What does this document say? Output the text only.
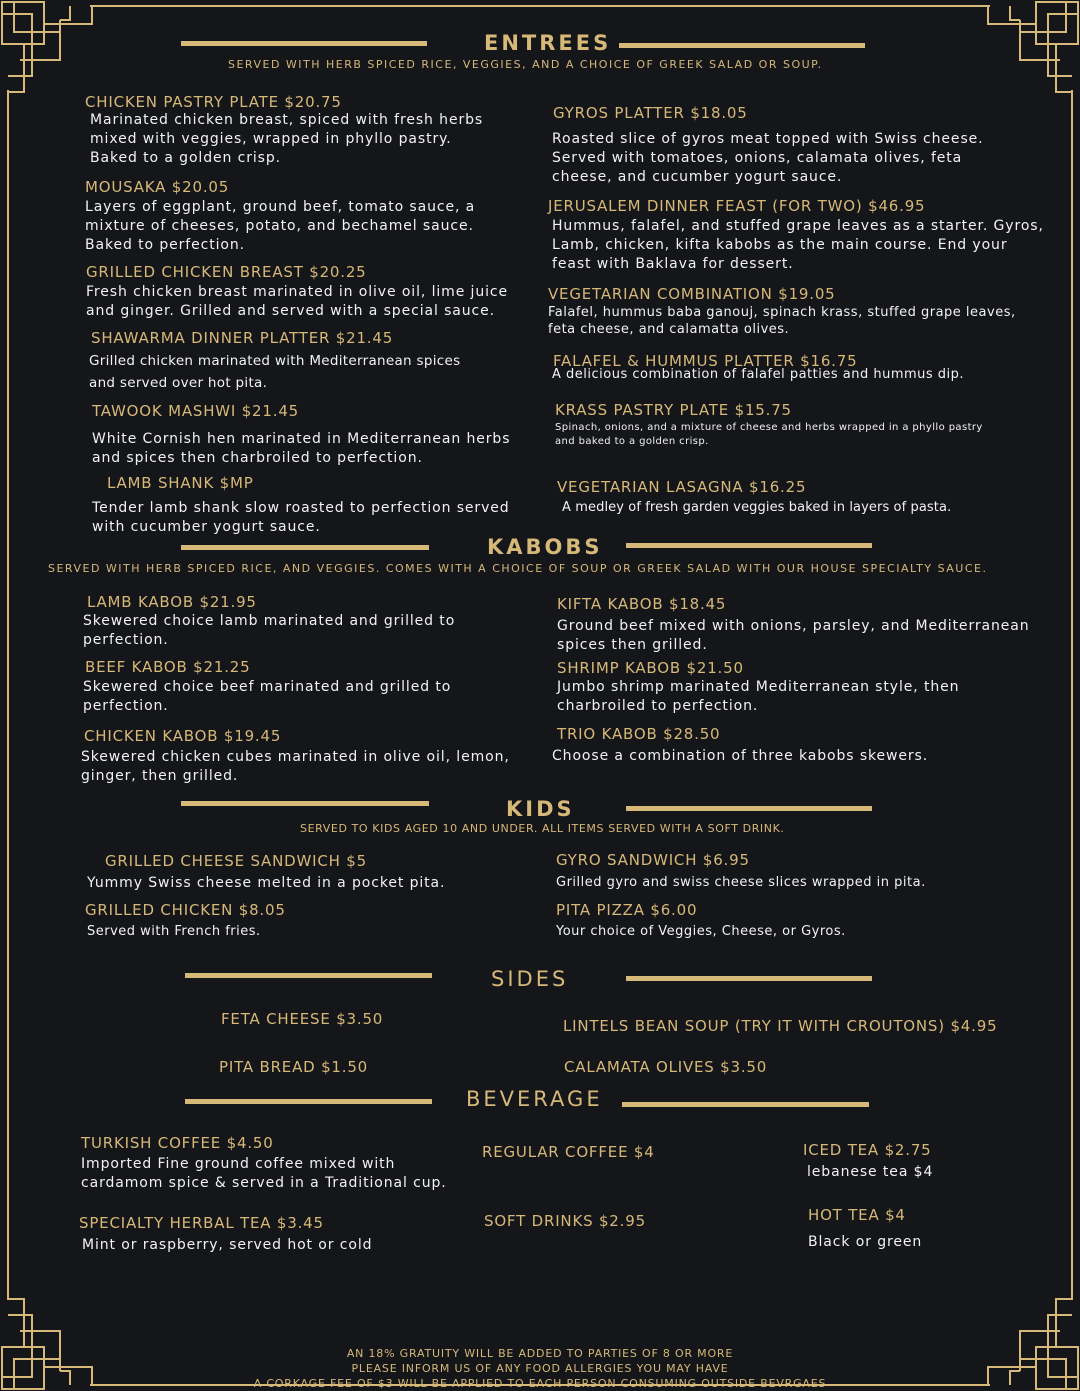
ENTREES
SERVED WITH HERB SPICED RICE, VEGGIES, AND A CHOICE OF GREEK SALAD OR SOUP.
CHICKEN PASTRY PLATE $20.75
Marinated chicken breast, spiced with fresh herbs mixed with veggies, wrapped in phyllo pastry. Baked to a golden crisp.
MOUSAKA $20.05
Layers of eggplant, ground beef, tomato sauce, a mixture of cheeses, potato, and bechamel sauce. Baked to perfection.
GRILLED CHICKEN BREAST $20.25
Fresh chicken breast marinated in olive oil, lime juice and ginger. Grilled and served with a special sauce.
SHAWARMA DINNER PLATTER $21.45
Grilled chicken marinated with Mediterranean spices and served over hot pita.
TAWOOK MASHWI $21.45
White Cornish hen marinated in Mediterranean herbs and spices then charbroiled to perfection.
LAMB SHANK $MP
Tender lamb shank slow roasted to perfection served with cucumber yogurt sauce.
GYROS PLATTER $18.05
Roasted slice of gyros meat topped with Swiss cheese. Served with tomatoes, onions, calamata olives, feta cheese, and cucumber yogurt sauce.
JERUSALEM DINNER FEAST (FOR TWO) $46.95
Hummus, falafel, and stuffed grape leaves as a starter. Gyros, Lamb, chicken, kifta kabobs as the main course. End your feast with Baklava for dessert.
VEGETARIAN COMBINATION $19.05
Falafel, hummus baba ganouj, spinach krass, stuffed grape leaves, feta cheese, and calamatta olives.
FALAFEL & HUMMUS PLATTER $16.75
A delicious combination of falafel patties and hummus dip.
KRASS PASTRY PLATE $15.75
Spinach, onions, and a mixture of cheese and herbs wrapped in a phyllo pastry and baked to a golden crisp.
VEGETARIAN LASAGNA $16.25
A medley of fresh garden veggies baked in layers of pasta.
KABOBS
SERVED WITH HERB SPICED RICE, AND VEGGIES. COMES WITH A CHOICE OF SOUP OR GREEK SALAD WITH OUR HOUSE SPECIALTY SAUCE.
LAMB KABOB $21.95
Skewered choice lamb marinated and grilled to perfection.
BEEF KABOB $21.25
Skewered choice beef marinated and grilled to perfection.
CHICKEN KABOB $19.45
Skewered chicken cubes marinated in olive oil, lemon, ginger, then grilled.
KIFTA KABOB $18.45
Ground beef mixed with onions, parsley, and Mediterranean spices then grilled.
SHRIMP KABOB $21.50
Jumbo shrimp marinated Mediterranean style, then charbroiled to perfection.
TRIO KABOB $28.50
Choose a combination of three kabobs skewers.
KIDS
SERVED TO KIDS AGED 10 AND UNDER. ALL ITEMS SERVED WITH A SOFT DRINK.
GRILLED CHEESE SANDWICH $5
Yummy Swiss cheese melted in a pocket pita.
GRILLED CHICKEN $8.05
Served with French fries.
GYRO SANDWICH $6.95
Grilled gyro and swiss cheese slices wrapped in pita.
PITA PIZZA $6.00
Your choice of Veggies, Cheese, or Gyros.
SIDES
FETA CHEESE $3.50	LINTELS BEAN SOUP (TRY IT WITH CROUTONS) $4.95
PITA BREAD $1.50	CALAMATA OLIVES $3.50
BEVERAGE
TURKISH COFFEE $4.50
Imported Fine ground coffee mixed with cardamom spice & served in a Traditional cup.
REGULAR COFFEE $4	ICED TEA $2.75
lebanese tea $4
SPECIALTY HERBAL TEA $3.45
Mint or raspberry, served hot or cold
SOFT DRINKS $2.95	HOT TEA $4
Black or green
AN 18% GRATUITY WILL BE ADDED TO PARTIES OF 8 OR MORE
PLEASE INFORM US OF ANY FOOD ALLERGIES YOU MAY HAVE
A CORKAGE FEE OF $3 WILL BE APPLIED TO EACH PERSON CONSUMING OUTSIDE BEVRGAES
